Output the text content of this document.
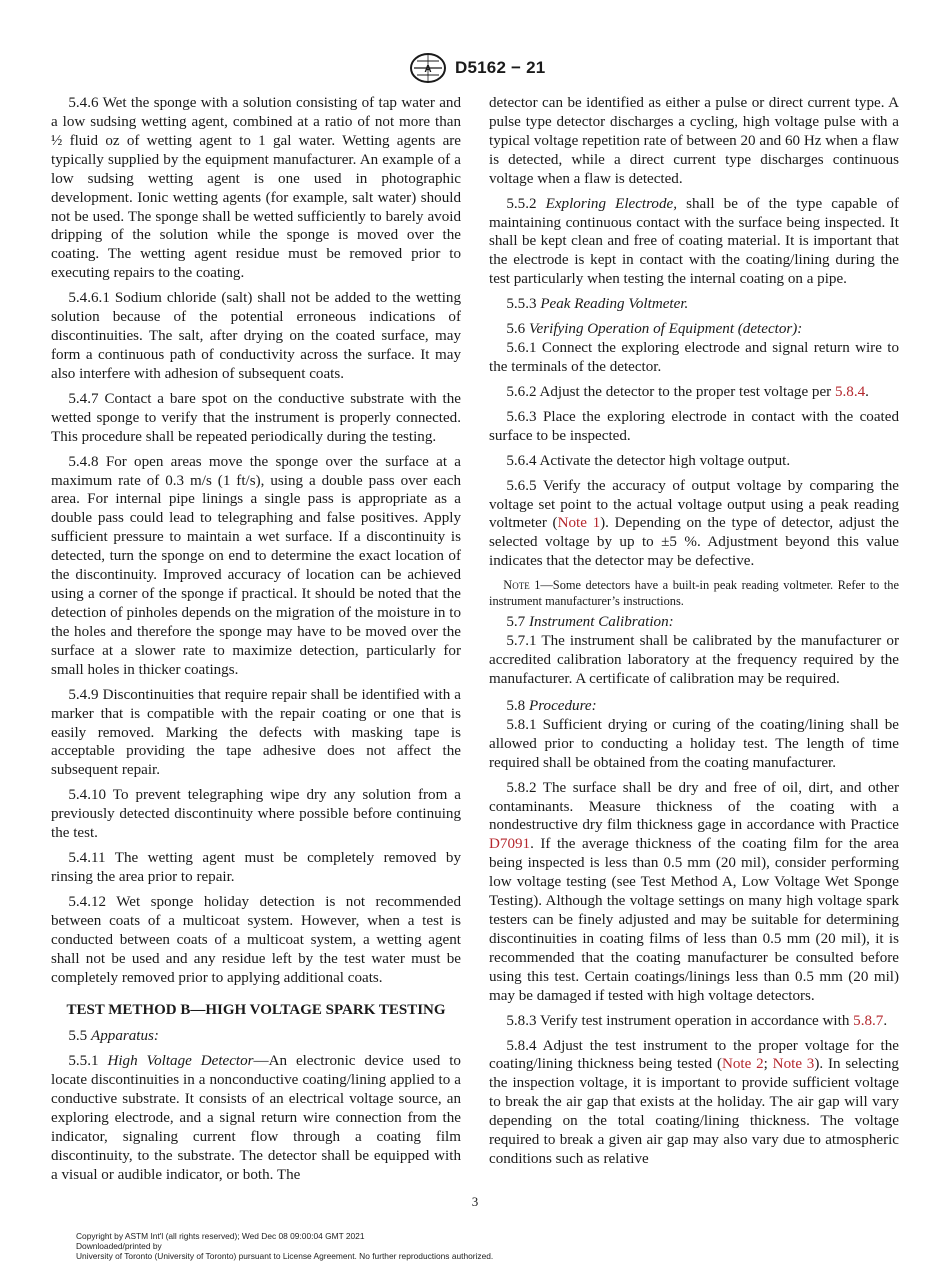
A D5162 − 21

5.4.6 Wet the sponge with a solution consisting of tap water and a low sudsing wetting agent, combined at a ratio of not more than ½ fluid oz of wetting agent to 1 gal water. Wetting agents are typically supplied by the equipment manufacturer. An example of a low sudsing wetting agent is one used in photographic development. Ionic wetting agents (for example, salt water) should not be used. The sponge shall be wetted sufficiently to barely avoid dripping of the solution while the sponge is moved over the coating. The wetting agent residue must be removed prior to executing repairs to the coating.

5.4.6.1 Sodium chloride (salt) shall not be added to the wetting solution because of the potential erroneous indications of discontinuities. The salt, after drying on the coated surface, may form a continuous path of conductivity across the surface. It may also interfere with adhesion of subsequent coats.

5.4.7 Contact a bare spot on the conductive substrate with the wetted sponge to verify that the instrument is properly connected. This procedure shall be repeated periodically during the testing.

5.4.8 For open areas move the sponge over the surface at a maximum rate of 0.3 m/s (1 ft/s), using a double pass over each area. For internal pipe linings a single pass is appropriate as a double pass could lead to telegraphing and false positives. Apply sufficient pressure to maintain a wet surface. If a discontinuity is detected, turn the sponge on end to determine the exact location of the discontinuity. Improved accuracy of location can be achieved using a corner of the sponge if practical. It should be noted that the detection of pinholes depends on the migration of the moisture in to the holes and therefore the sponge may have to be moved over the surface at a slower rate to maximize detection, particularly for small holes in thicker coatings.

5.4.9 Discontinuities that require repair shall be identified with a marker that is compatible with the repair coating or one that is easily removed. Marking the defects with masking tape is acceptable providing the tape adhesive does not affect the subsequent repair.

5.4.10 To prevent telegraphing wipe dry any solution from a previously detected discontinuity where possible before continuing the test.

5.4.11 The wetting agent must be completely removed by rinsing the area prior to repair.

5.4.12 Wet sponge holiday detection is not recommended between coats of a multicoat system. However, when a test is conducted between coats of a multicoat system, a wetting agent shall not be used and any residue left by the test water must be completely removed prior to applying additional coats.

TEST METHOD B—HIGH VOLTAGE SPARK TESTING

5.5 Apparatus:

5.5.1 High Voltage Detector—An electronic device used to locate discontinuities in a nonconductive coating/lining applied to a conductive substrate. It consists of an electrical voltage source, an exploring electrode, and a signal return wire connection from the indicator, signaling current flow through a coating film discontinuity, to the substrate. The detector shall be equipped with a visual or audible indicator, or both. The

detector can be identified as either a pulse or direct current type. A pulse type detector discharges a cycling, high voltage pulse with a typical voltage repetition rate of between 20 and 60 Hz when a flaw is detected, while a direct current type discharges continuous voltage when a flaw is detected.

5.5.2 Exploring Electrode, shall be of the type capable of maintaining continuous contact with the surface being inspected. It shall be kept clean and free of coating material. It is important that the electrode is kept in contact with the coating/lining during the test particularly when testing the internal coating on a pipe.

5.5.3 Peak Reading Voltmeter.

5.6 Verifying Operation of Equipment (detector):

5.6.1 Connect the exploring electrode and signal return wire to the terminals of the detector.

5.6.2 Adjust the detector to the proper test voltage per 5.8.4.

5.6.3 Place the exploring electrode in contact with the coated surface to be inspected.

5.6.4 Activate the detector high voltage output.

5.6.5 Verify the accuracy of output voltage by comparing the voltage set point to the actual voltage output using a peak reading voltmeter (Note 1). Depending on the type of detector, adjust the selected voltage by up to ±5 %. Adjustment beyond this value indicates that the detector may be defective.

Note 1—Some detectors have a built-in peak reading voltmeter. Refer to the instrument manufacturer’s instructions.

5.7 Instrument Calibration:

5.7.1 The instrument shall be calibrated by the manufacturer or accredited calibration laboratory at the frequency required by the manufacturer. A certificate of calibration may be required.

5.8 Procedure:

5.8.1 Sufficient drying or curing of the coating/lining shall be allowed prior to conducting a holiday test. The length of time required shall be obtained from the coating manufacturer.

5.8.2 The surface shall be dry and free of oil, dirt, and other contaminants. Measure thickness of the coating with a nondestructive dry film thickness gage in accordance with Practice D7091. If the average thickness of the coating film for the area being inspected is less than 0.5 mm (20 mil), consider performing low voltage testing (see Test Method A, Low Voltage Wet Sponge Testing). Although the voltage settings on many high voltage spark testers can be finely adjusted and may be suitable for determining discontinuities in coating films of less than 0.5 mm (20 mil), it is recommended that the coating manufacturer be consulted before using this test. Certain coatings/linings less than 0.5 mm (20 mil) may be damaged if tested with high voltage detectors.

5.8.3 Verify test instrument operation in accordance with 5.8.7.

5.8.4 Adjust the test instrument to the proper voltage for the coating/lining thickness being tested (Note 2; Note 3). In selecting the inspection voltage, it is important to provide sufficient voltage to break the air gap that exists at the holiday. The air gap will vary depending on the total coating/lining thickness. The voltage required to break a given air gap may also vary due to atmospheric conditions such as relative

3
Copyright by ASTM Int'l (all rights reserved); Wed Dec 08 09:00:04 GMT 2021
Downloaded/printed by
University of Toronto (University of Toronto) pursuant to License Agreement. No further reproductions authorized.
